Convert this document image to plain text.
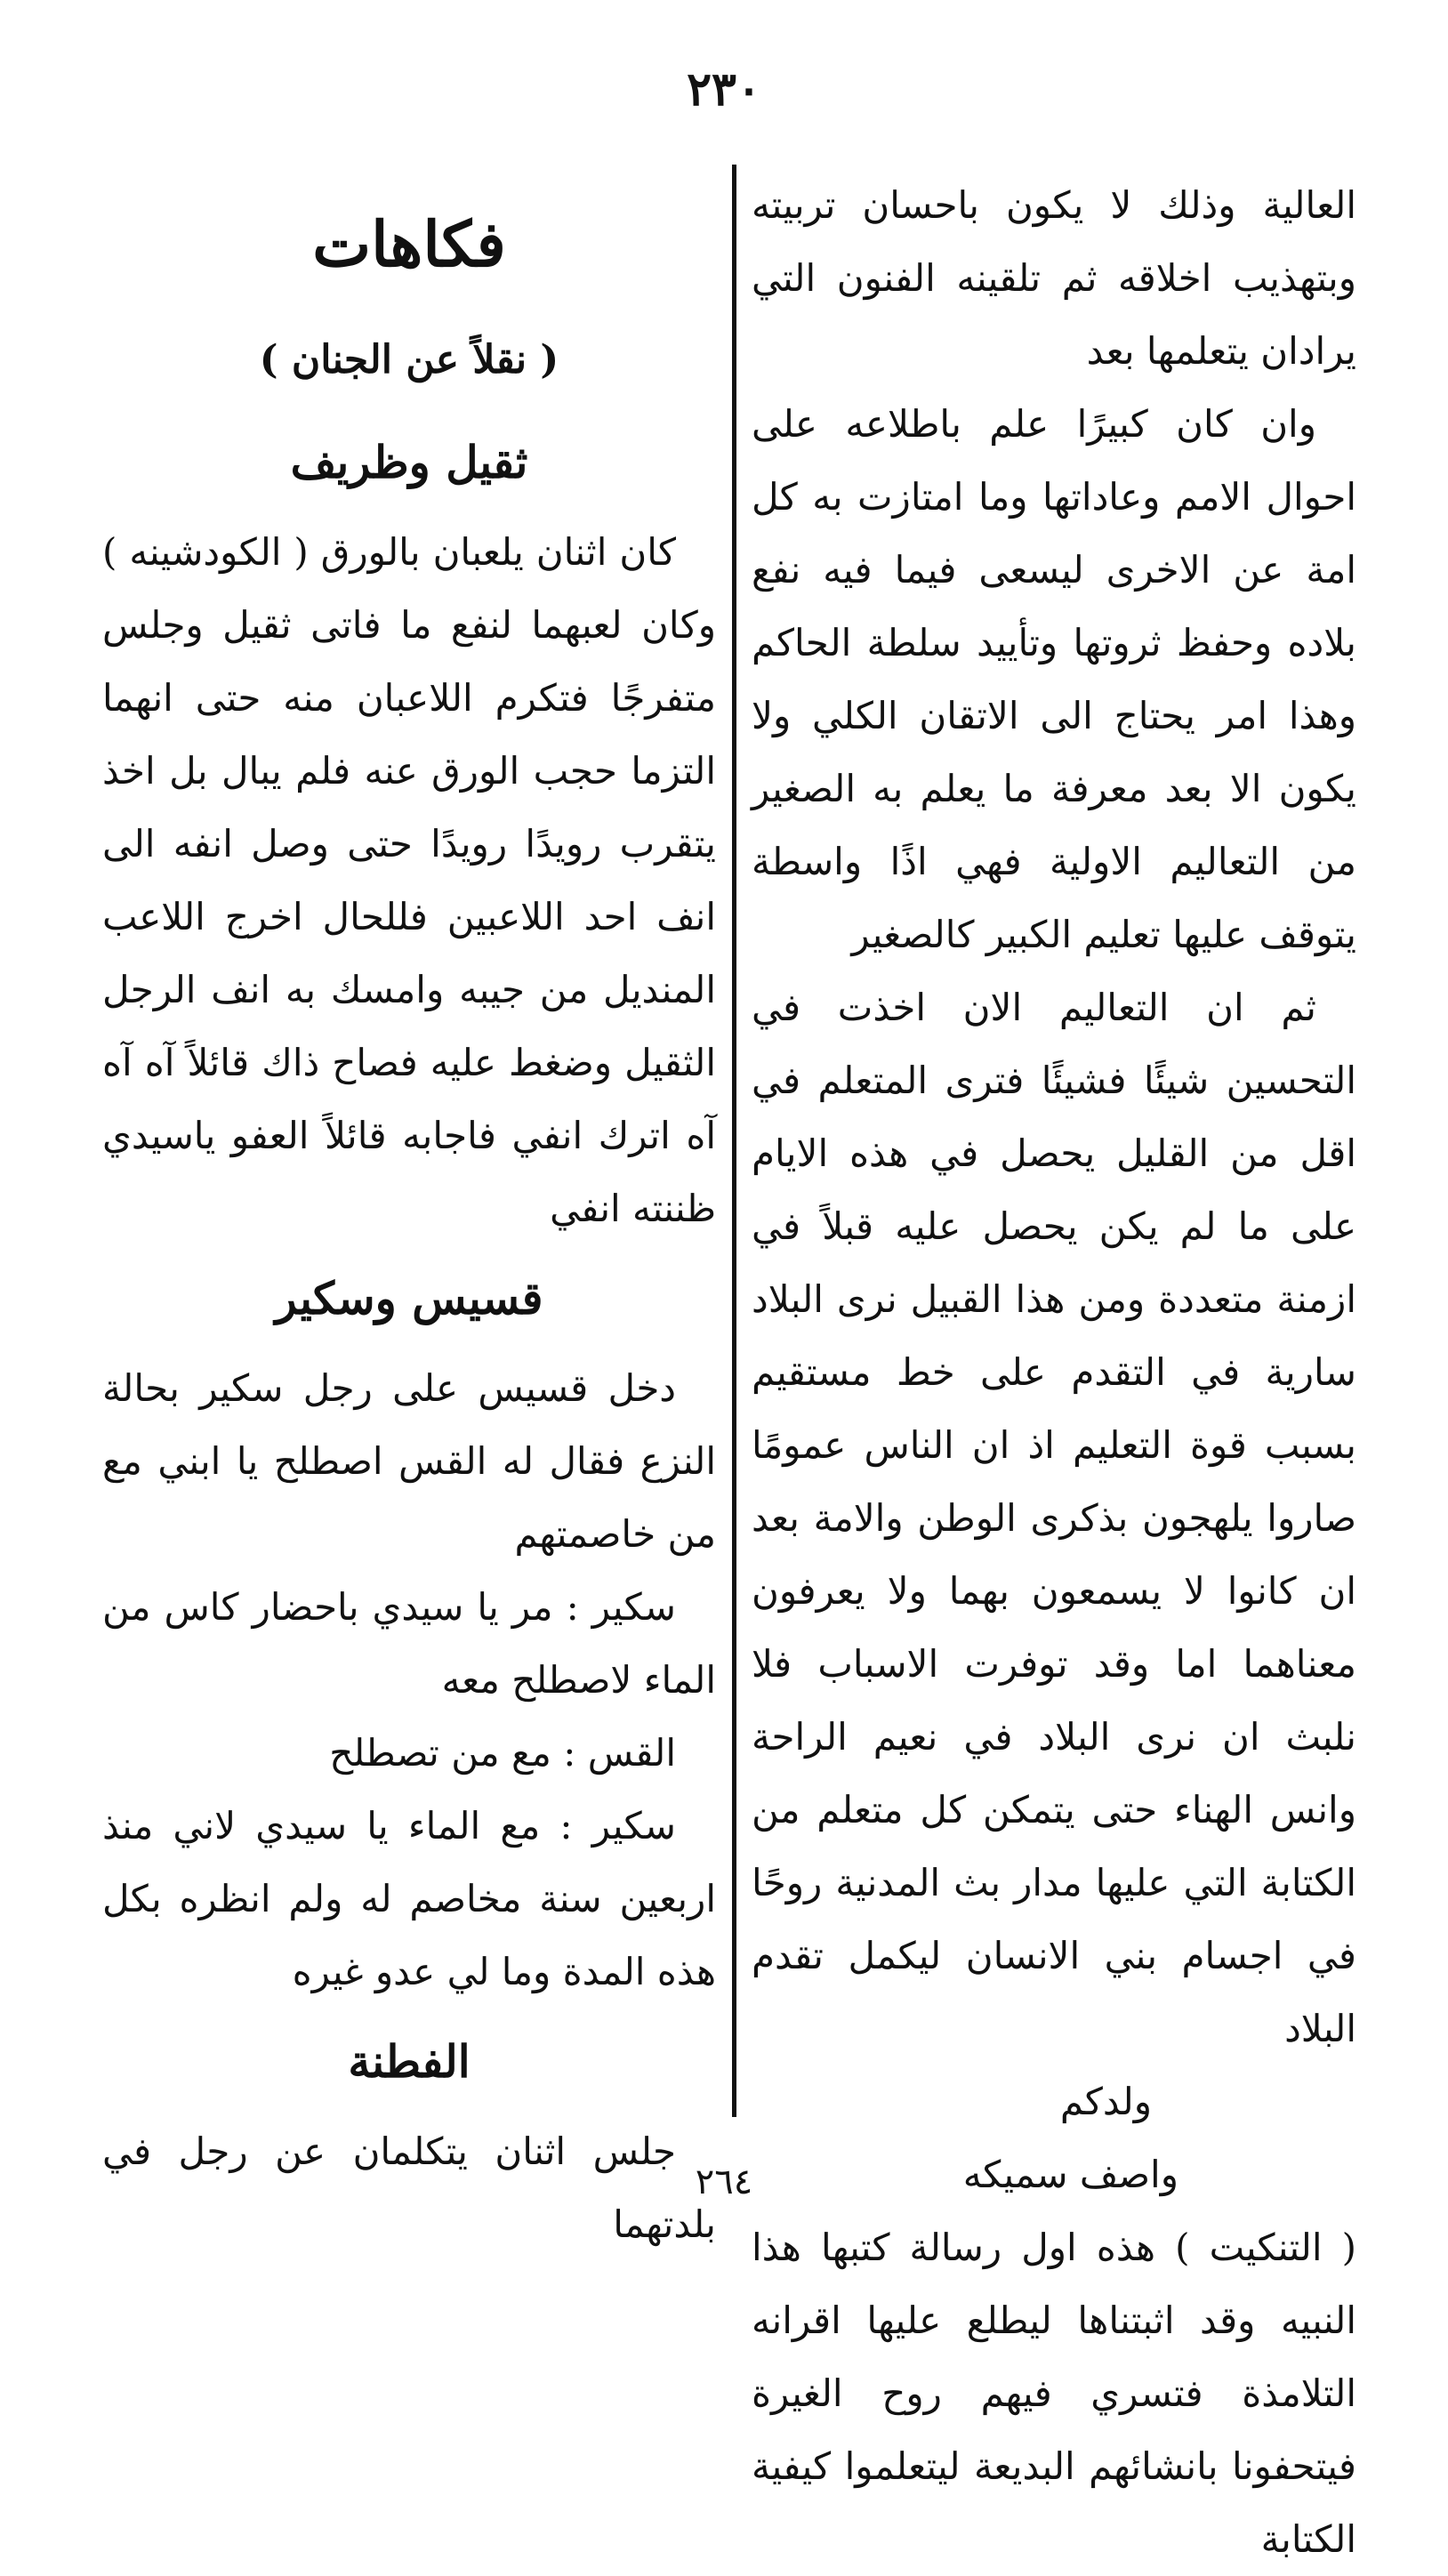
٢٣٠

العالية وذلك لا يكون باحسان تربيته وبتهذيب اخلاقه ثم تلقينه الفنون التي يرادان يتعلمها بعد

وان كان كبيرًا علم باطلاعه على احوال الامم وعاداتها وما امتازت به كل امة عن الاخرى ليسعى فيما فيه نفع بلاده وحفظ ثروتها وتأييد سلطة الحاكم وهذا امر يحتاج الى الاتقان الكلي ولا يكون الا بعد معرفة ما يعلم به الصغير من التعاليم الاولية فهي اذًا واسطة يتوقف عليها تعليم الكبير كالصغير

ثم ان التعاليم الان اخذت في التحسين شيئًا فشيئًا فترى المتعلم في اقل من القليل يحصل في هذه الايام على ما لم يكن يحصل عليه قبلاً في ازمنة متعددة ومن هذا القبيل نرى البلاد سارية في التقدم على خط مستقيم بسبب قوة التعليم اذ ان الناس عمومًا صاروا يلهجون بذكرى الوطن والامة بعد ان كانوا لا يسمعون بهما ولا يعرفون معناهما اما وقد توفرت الاسباب فلا نلبث ان نرى البلاد في نعيم الراحة وانس الهناء حتى يتمكن كل متعلم من الكتابة التي عليها مدار بث المدنية روحًا في اجسام بني الانسان ليكمل تقدم البلاد

ولدكم

واصف سميكه

( التنكيت ) هذه اول رسالة كتبها هذا النبيه وقد اثبتناها ليطلع عليها اقرانه التلامذة فتسري فيهم روح الغيرة فيتحفونا بانشائهم البديعة ليتعلموا كيفية الكتابة

فكاهات
( نقلاً عن الجنان )
ثقيل وظريف

كان اثنان يلعبان بالورق ( الكودشينه ) وكان لعبهما لنفع ما فاتى ثقيل وجلس متفرجًا فتكرم اللاعبان منه حتى انهما التزما حجب الورق عنه فلم يبال بل اخذ يتقرب رويدًا رويدًا حتى وصل انفه الى انف احد اللاعبين فللحال اخرج اللاعب المنديل من جيبه وامسك به انف الرجل الثقيل وضغط عليه فصاح ذاك قائلاً آه آه آه اترك انفي فاجابه قائلاً العفو ياسيدي ظننته انفي

قسيس وسكير

دخل قسيس على رجل سكير بحالة النزع فقال له القس اصطلح يا ابني مع من خاصمتهم

سكير : مر يا سيدي باحضار كاس من الماء لاصطلح معه

القس : مع من تصطلح

سكير : مع الماء يا سيدي لاني منذ اربعين سنة مخاصم له ولم انظره بكل هذه المدة وما لي عدو غيره

الفطنة

جلس اثنان يتكلمان عن رجل في بلدتهما

٢٦٤
